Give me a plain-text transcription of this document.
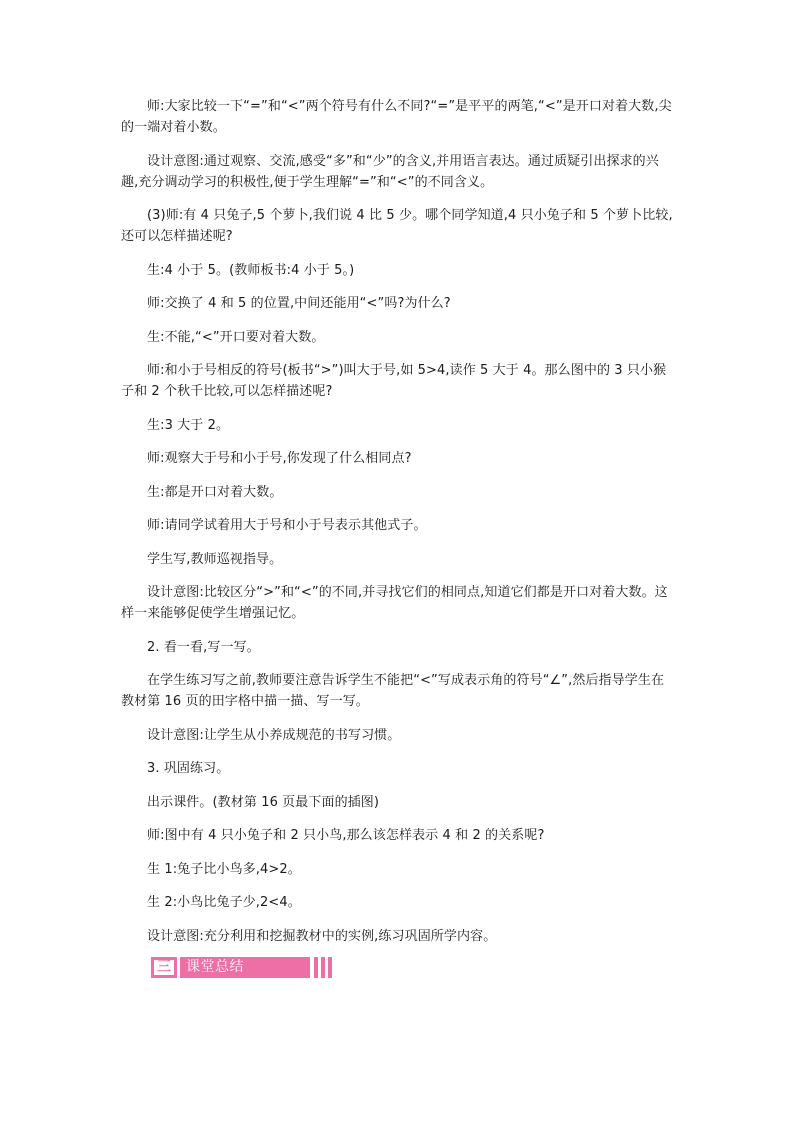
师:大家比较一下“=”和“<”两个符号有什么不同?“=”是平平的两笔,“<”是开口对着大数,尖的一端对着小数。

设计意图:通过观察、交流,感受“多”和“少”的含义,并用语言表达。通过质疑引出探求的兴趣,充分调动学习的积极性,便于学生理解“=”和“<”的不同含义。

(3)师:有 4 只兔子,5 个萝卜,我们说 4 比 5 少。哪个同学知道,4 只小兔子和 5 个萝卜比较,还可以怎样描述呢?

生:4 小于 5。(教师板书:4 小于 5。)

师:交换了 4 和 5 的位置,中间还能用“<”吗?为什么?

生:不能,“<”开口要对着大数。

师:和小于号相反的符号(板书“>”)叫大于号,如 5>4,读作 5 大于 4。那么图中的 3 只小猴子和 2 个秋千比较,可以怎样描述呢?

生:3 大于 2。

师:观察大于号和小于号,你发现了什么相同点?

生:都是开口对着大数。

师:请同学试着用大于号和小于号表示其他式子。

学生写,教师巡视指导。

设计意图:比较区分“>”和“<”的不同,并寻找它们的相同点,知道它们都是开口对着大数。这样一来能够促使学生增强记忆。

2. 看一看,写一写。

在学生练习写之前,教师要注意告诉学生不能把“<”写成表示角的符号“∠”,然后指导学生在教材第 16 页的田字格中描一描、写一写。

设计意图:让学生从小养成规范的书写习惯。

3. 巩固练习。

出示课件。(教材第 16 页最下面的插图)

师:图中有 4 只小兔子和 2 只小鸟,那么该怎样表示 4 和 2 的关系呢?

生 1:兔子比小鸟多,4>2。

生 2:小鸟比兔子少,2<4。

设计意图:充分利用和挖掘教材中的实例,练习巩固所学内容。

三 课堂总结
